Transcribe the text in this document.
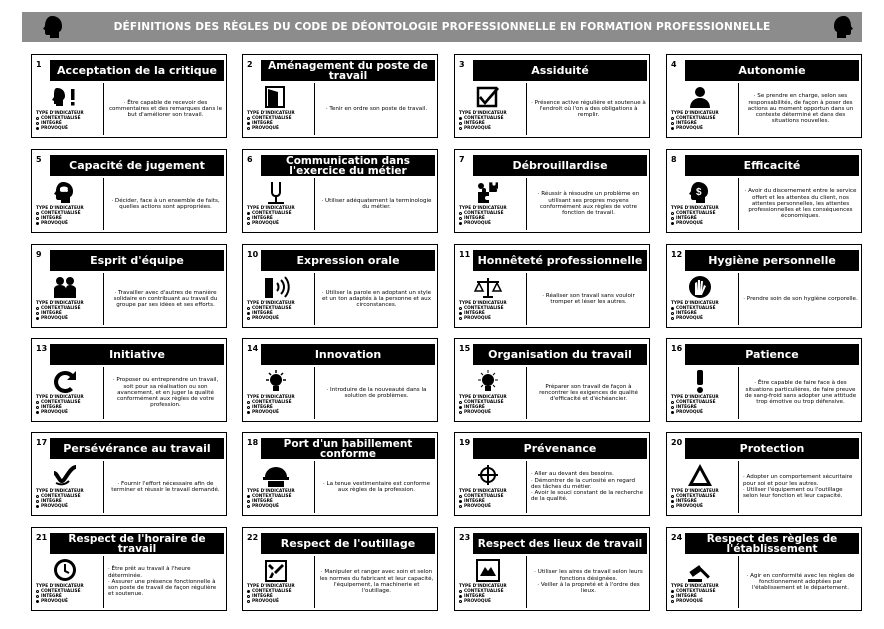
DÉFINITIONS DES RÈGLES DU CODE DE DÉONTOLOGIE PROFESSIONNELLE EN FORMATION PROFESSIONNELLE
1	Acceptation de la critique
TYPE D'INDICATEUR
CONTEXTUALISÉ
INTÉGRÉ
PROVOQUÉ
· Être capable de recevoir des commentaires et des remarques dans le but d'améliorer son travail.
2	Aménagement du poste de travail
TYPE D'INDICATEUR
CONTEXTUALISÉ
INTÉGRÉ
PROVOQUÉ
· Tenir en ordre son poste de travail.
3	Assiduité
TYPE D'INDICATEUR
CONTEXTUALISÉ
INTÉGRÉ
PROVOQUÉ
· Présence active régulière et soutenue à l'endroit où l'on a des obligations à remplir.
4	Autonomie
TYPE D'INDICATEUR
CONTEXTUALISÉ
INTÉGRÉ
PROVOQUÉ
· Se prendre en charge, selon ses responsabilités, de façon à poser des actions au moment opportun dans un contexte déterminé et dans des situations nouvelles.
5	Capacité de jugement
TYPE D'INDICATEUR
CONTEXTUALISÉ
INTÉGRÉ
PROVOQUÉ
· Décider, face à un ensemble de faits, quelles actions sont appropriées.
6	Communication dans l'exercice du métier
TYPE D'INDICATEUR
CONTEXTUALISÉ
INTÉGRÉ
PROVOQUÉ
· Utiliser adéquatement la terminologie du métier.
7	Débrouillardise
TYPE D'INDICATEUR
CONTEXTUALISÉ
INTÉGRÉ
PROVOQUÉ
· Réussir à résoudre un problème en utilisant ses propres moyens conformément aux règles de votre fonction de travail.
8	Efficacité
$
TYPE D'INDICATEUR
CONTEXTUALISÉ
INTÉGRÉ
PROVOQUÉ
· Avoir du discernement entre le service offert et les attentes du client, nos attentes personnelles, les attentes professionnelles et les conséquences économiques.
9	Esprit d'équipe
TYPE D'INDICATEUR
CONTEXTUALISÉ
INTÉGRÉ
PROVOQUÉ
· Travailler avec d'autres de manière solidaire en contribuant au travail du groupe par ses idées et ses efforts.
10	Expression orale
TYPE D'INDICATEUR
CONTEXTUALISÉ
INTÉGRÉ
PROVOQUÉ
· Utiliser la parole en adoptant un style et un ton adaptés à la personne et aux circonstances.
11 Honnêteté professionnelle
TYPE D'INDICATEUR
CONTEXTUALISÉ
INTÉGRÉ
PROVOQUÉ
· Réaliser son travail sans vouloir tromper et léser les autres.
12	Hygiène personnelle
TYPE D'INDICATEUR
CONTEXTUALISÉ
INTÉGRÉ
PROVOQUÉ
· Prendre soin de son hygiène corporelle.
13	Initiative
TYPE D'INDICATEUR
CONTEXTUALISÉ
INTÉGRÉ
PROVOQUÉ
· Proposer ou entreprendre un travail, soit pour sa réalisation ou son avancement, et en juger la qualité conformément aux règles de votre profession.
14	Innovation
TYPE D'INDICATEUR
CONTEXTUALISÉ
INTÉGRÉ
PROVOQUÉ
· Introduire de la nouveauté dans la solution de problèmes.
15	Organisation du travail
TYPE D'INDICATEUR
CONTEXTUALISÉ
INTÉGRÉ
PROVOQUÉ
Préparer son travail de façon à rencontrer les exigences de qualité d'efficacité et d'échéancier.
16	Patience
TYPE D'INDICATEUR
CONTEXTUALISÉ
INTÉGRÉ
PROVOQUÉ
· Être capable de faire face à des situations particulières, de faire preuve de sang-froid sans adopter une attitude trop émotive ou trop défensive.
17	Persévérance au travail
TYPE D'INDICATEUR
CONTEXTUALISÉ
INTÉGRÉ
PROVOQUÉ
· Fournir l'effort nécessaire afin de terminer et réussir le travail demandé.
18	Port d'un habillement conforme
TYPE D'INDICATEUR
CONTEXTUALISÉ
INTÉGRÉ
PROVOQUÉ
· La tenue vestimentaire est conforme aux règles de la profession.
19	Prévenance
TYPE D'INDICATEUR
CONTEXTUALISÉ
INTÉGRÉ
PROVOQUÉ
· Aller au devant des besoins.
· Démontrer de la curiosité en regard des tâches du métier.
· Avoir le souci constant de la recherche de la qualité.
20	Protection
TYPE D'INDICATEUR
CONTEXTUALISÉ
INTÉGRÉ
PROVOQUÉ
· Adopter un comportement sécuritaire pour soi et pour les autres.
· Utiliser l'équipement ou l'outillage selon leur fonction et leur capacité.
21	Respect de l'horaire de travail
TYPE D'INDICATEUR
CONTEXTUALISÉ
INTÉGRÉ
PROVOQUÉ
· Être prêt au travail à l'heure déterminée.
· Assurer une présence fonctionnelle à son poste de travail de façon régulière et soutenue.
22	Respect de l'outillage
TYPE D'INDICATEUR
CONTEXTUALISÉ
INTÉGRÉ
PROVOQUÉ
· Manipuler et ranger avec soin et selon les normes du fabricant et leur capacité, l'équipement, la machinerie et l'outillage.
23 Respect des lieux de travail
TYPE D'INDICATEUR
CONTEXTUALISÉ
INTÉGRÉ
PROVOQUÉ
· Utiliser les aires de travail selon leurs fonctions désignées.
· Veiller à la propreté et à l'ordre des lieux.
24	Respect des règles de l'établissement
TYPE D'INDICATEUR
CONTEXTUALISÉ
INTÉGRÉ
PROVOQUÉ
· Agir en conformité avec les règles de fonctionnement adoptées par l'établissement et le département.
